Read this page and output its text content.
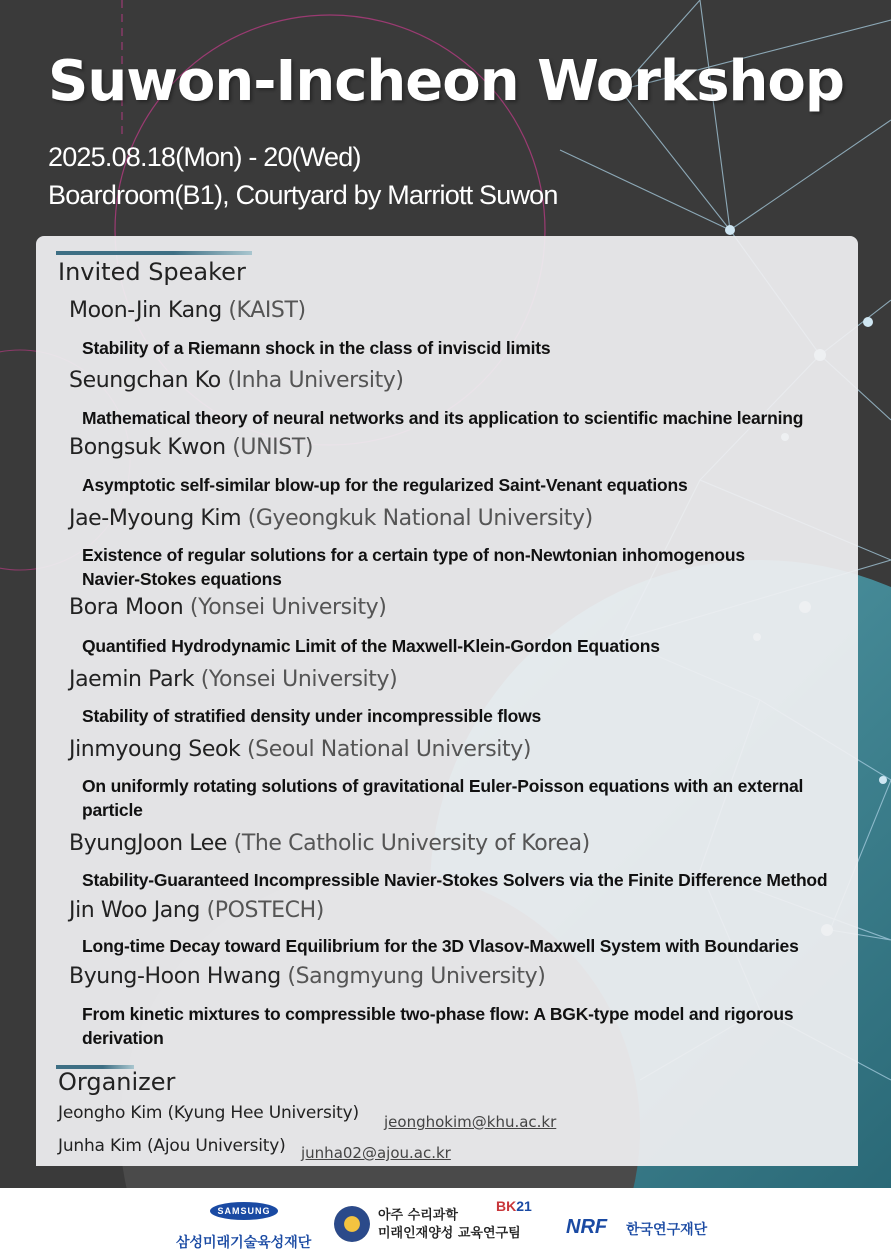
Suwon-Incheon Workshop
2025.08.18(Mon) - 20(Wed)
Boardroom(B1), Courtyard by Marriott Suwon
Invited Speaker
Moon-Jin Kang (KAIST)
Stability of a Riemann shock in the class of inviscid limits
Seungchan Ko (Inha University)
Mathematical theory of neural networks and its application to scientific machine learning
Bongsuk Kwon (UNIST)
Asymptotic self-similar blow-up for the regularized Saint-Venant equations
Jae-Myoung Kim (Gyeongkuk National University)
Existence of regular solutions for a certain type of non-Newtonian inhomogenous Navier-Stokes equations
Bora Moon (Yonsei University)
Quantified Hydrodynamic Limit of the Maxwell-Klein-Gordon Equations
Jaemin Park (Yonsei University)
Stability of stratified density under incompressible flows
Jinmyoung Seok (Seoul National University)
On uniformly rotating solutions of gravitational Euler-Poisson equations with an external particle
ByungJoon Lee (The Catholic University of Korea)
Stability-Guaranteed Incompressible Navier-Stokes Solvers via the Finite Difference Method
Jin Woo Jang (POSTECH)
Long-time Decay toward Equilibrium for the 3D Vlasov-Maxwell System with Boundaries
Byung-Hoon Hwang (Sangmyung University)
From kinetic mixtures to compressible two-phase flow: A BGK-type model and rigorous derivation
Organizer
Jeongho Kim (Kyung Hee University) jeonghokim@khu.ac.kr
Junha Kim (Ajou University) junha02@ajou.ac.kr
SAMSUNG
삼성미래기술육성재단
아주 수리과학
미래인재양성 교육연구팀
BK21
NRF 한국연구재단
